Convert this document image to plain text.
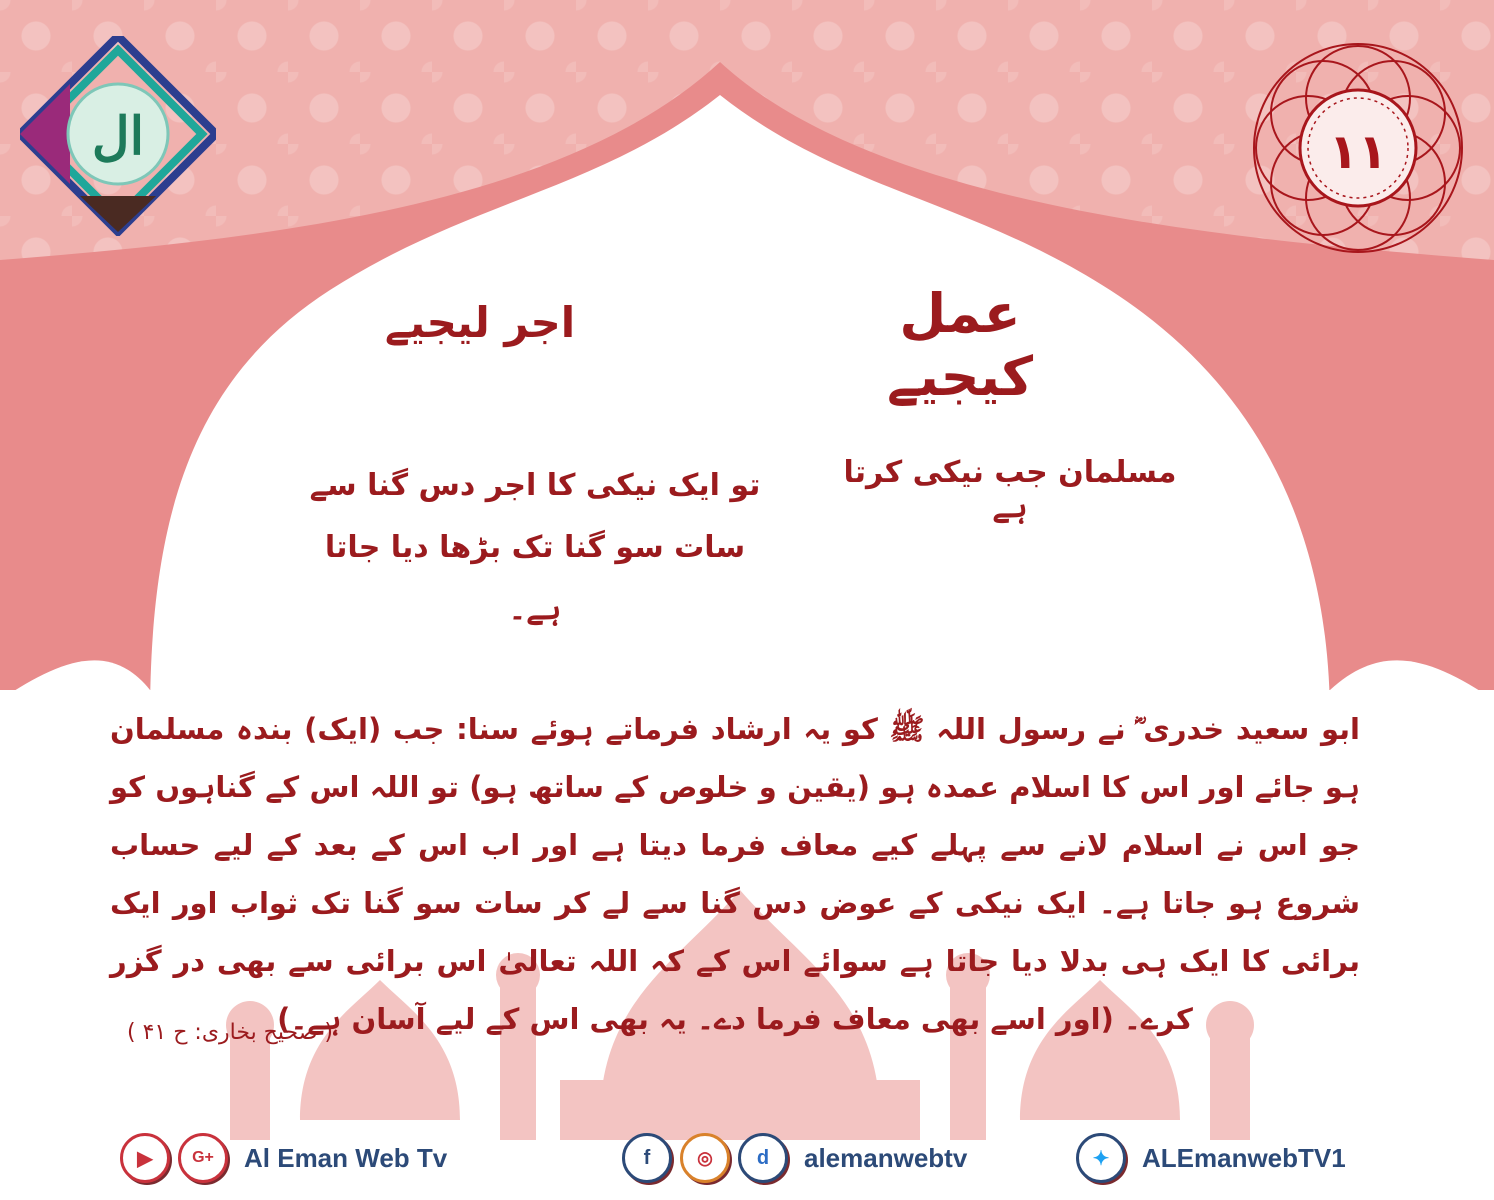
ال	١١
عمل کیجیے
اجر لیجیے
مسلمان جب نیکی کرتا ہے
تو ایک نیکی کا اجر دس گنا سے سات سو گنا تک بڑھا دیا جاتا ہے۔
ابو سعید خدری ؓ نے رسول اللہ ﷺ کو یہ ارشاد فرماتے ہوئے سنا: جب (ایک) بندہ مسلمان ہو جائے اور اس کا اسلام عمدہ ہو (یقین و خلوص کے ساتھ ہو) تو اللہ اس کے گناہوں کو جو اس نے اسلام لانے سے پہلے کیے معاف فرما دیتا ہے اور اب اس کے بعد کے لیے حساب شروع ہو جاتا ہے۔ ایک نیکی کے عوض دس گنا سے لے کر سات سو گنا تک ثواب اور ایک برائی کا ایک ہی بدلا دیا جاتا ہے سوائے اس کے کہ اللہ تعالیٰ اس برائی سے بھی در گزر کرے۔ (اور اسے بھی معاف فرما دے۔ یہ بھی اس کے لیے آسان ہے۔)
( صحیح بخاری: ح ۴۱ )
▶	G+	Al Eman Web Tv	f	◎	d	alemanwebtv	✦	ALEmanwebTV1
